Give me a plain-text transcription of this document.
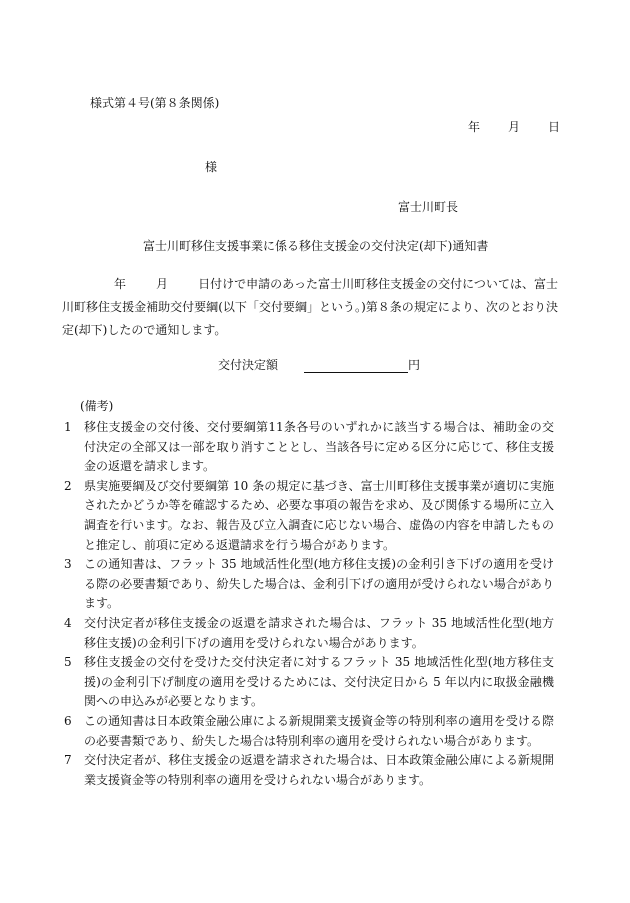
様式第４号(第８条関係)
年 月 日
様
富士川町長
富士川町移住支援事業に係る移住支援金の交付決定(却下)通知書
年	月	日付けで申請のあった富士川町移住支援金の交付については、富士川町移住支援金補助交付要綱(以下「交付要綱」という。)第８条の規定により、次のとおり決定(却下)したので通知します。
交付決定額	円
(備考)
1 移住支援金の交付後、交付要綱第11条各号のいずれかに該当する場合は、補助金の交付決定の全部又は一部を取り消すこととし、当該各号に定める区分に応じて、移住支援金の返還を請求します。
2 県実施要綱及び交付要綱第 10 条の規定に基づき、富士川町移住支援事業が適切に実施されたかどうか等を確認するため、必要な事項の報告を求め、及び関係する場所に立入調査を行います。なお、報告及び立入調査に応じない場合、虚偽の内容を申請したものと推定し、前項に定める返還請求を行う場合があります。
3 この通知書は、フラット 35 地域活性化型(地方移住支援)の金利引き下げの適用を受ける際の必要書類であり、紛失した場合は、金利引下げの適用が受けられない場合があります。
4 交付決定者が移住支援金の返還を請求された場合は、フラット 35 地域活性化型(地方移住支援)の金利引下げの適用を受けられない場合があります。
5 移住支援金の交付を受けた交付決定者に対するフラット 35 地域活性化型(地方移住支援)の金利引下げ制度の適用を受けるためには、交付決定日から 5 年以内に取扱金融機関への申込みが必要となります。
6 この通知書は日本政策金融公庫による新規開業支援資金等の特別利率の適用を受ける際の必要書類であり、紛失した場合は特別利率の適用を受けられない場合があります。
7 交付決定者が、移住支援金の返還を請求された場合は、日本政策金融公庫による新規開業支援資金等の特別利率の適用を受けられない場合があります。
